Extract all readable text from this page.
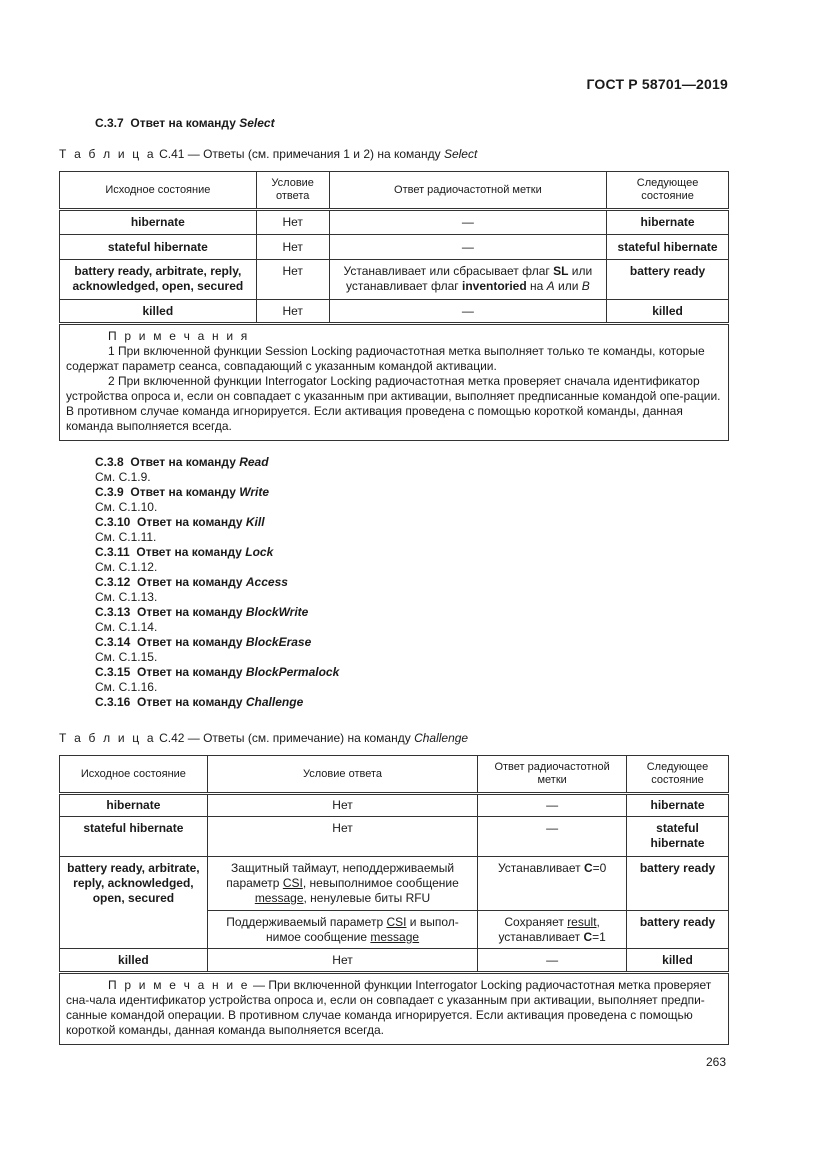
ГОСТ Р 58701—2019
С.3.7 Ответ на команду Select
Т а б л и ц а С.41 — Ответы (см. примечания 1 и 2) на команду Select
Исходное состояние	Условие ответа	Ответ радиочастотной метки	Следующее состояние
hibernate	Нет	—	hibernate
stateful hibernate	Нет	—	stateful hibernate
battery ready, arbitrate, reply, acknowledged, open, secured	Нет	Устанавливает или сбрасывает флаг SL или устанавливает флаг inventoried на A или B	battery ready
killed	Нет	—	killed

П р и м е ч а н и я
1 При включенной функции Session Locking радиочастотная метка выполняет только те команды, которые содержат параметр сеанса, совпадающий с указанным командой активации.
2 При включенной функции Interrogator Locking радиочастотная метка проверяет сначала идентификатор устройства опроса и, если он совпадает с указанным при активации, выполняет предписанные командой опе-рации. В противном случае команда игнорируется. Если активация проведена с помощью короткой команды, данная команда выполняется всегда.			
С.3.8 Ответ на команду Read
См. С.1.9.
С.3.9 Ответ на команду Write
См. С.1.10.
С.3.10 Ответ на команду Kill
См. С.1.11.
С.3.11 Ответ на команду Lock
См. С.1.12.
С.3.12 Ответ на команду Access
См. С.1.13.
С.3.13 Ответ на команду BlockWrite
См. С.1.14.
С.3.14 Ответ на команду BlockErase
См. С.1.15.
С.3.15 Ответ на команду BlockPermalock
См. С.1.16.
С.3.16 Ответ на команду Challenge
Т а б л и ц а С.42 — Ответы (см. примечание) на команду Challenge
Исходное состояние	Условие ответа	Ответ радиочастотной метки	Следующее состояние
hibernate	Нет	—	hibernate
stateful hibernate	Нет	—	stateful hibernate
battery ready, arbitrate, reply, acknowledged, open, secured	Защитный таймаут, неподдерживаемый параметр CSI, невыполнимое сообщение message, ненулевые биты RFU	Устанавливает C=0	battery ready
	Поддерживаемый параметр CSI и выпол-нимое сообщение message	Сохраняет result, устанавливает C=1	battery ready
killed	Нет	—	killed

П р и м е ч а н и е — При включенной функции Interrogator Locking радиочастотная метка проверяет сна-чала идентификатор устройства опроса и, если он совпадает с указанным при активации, выполняет предпи-санные командой операции. В противном случае команда игнорируется. Если активация проведена с помощью короткой команды, данная команда выполняется всегда.			
263
